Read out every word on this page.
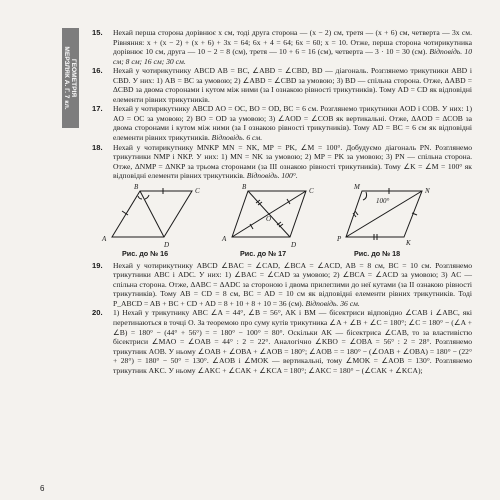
ГЕОМЕТРІЯ
МЕРЗЛЯК А. Г. 7 кл.
15. Нехай перша сторона дорівнює x см, тоді друга сторона — (x − 2) см, третя — (x + 6) см, четверта — 3x см. Рівняння: x + (x − 2) + (x + 6) + 3x = 64; 6x + 4 = 64; 6x = 60; x = 10. Отже, перша сторона чотирикутника дорівнює 10 см, друга — 10 − 2 = 8 (см), третя — 10 + 6 = 16 (см), четверта — 3 · 10 = 30 (см). Відповідь. 10 см; 8 см; 16 см; 30 см.
16. Нехай у чотирикутнику ABCD AB = BC, ∠ABD = ∠CBD, BD — діагональ. Розглянемо трикутники ABD і CBD. У них: 1) AB = BC за умовою; 2) ∠ABD = ∠CBD за умовою; 3) BD — спільна сторона. Отже, ΔABD = ΔCBD за двома сторонами і кутом між ними (за І ознакою рівності трикутників). Тому AD = CD як відповідні елементи рівних трикутників.
17. Нехай у чотирикутнику ABCD AO = OC, BO = OD, BC = 6 см. Розглянемо трикутники AOD і COB. У них: 1) AO = OC за умовою; 2) BO = OD за умовою; 3) ∠AOD = ∠COB як вертикальні. Отже, ΔAOD = ΔCOB за двома сторонами і кутом між ними (за І ознакою рівності трикутників). Тому AD = BC = 6 см як відповідні елементи рівних трикутників. Відповідь. 6 см.
18. Нехай у чотирикутнику MNKP MN = NK, MP = PK, ∠M = 100°. Добудуємо діагональ PN. Розглянемо трикутники NMP і NKP. У них: 1) MN = NK за умовою; 2) MP = PK за умовою; 3) PN — спільна сторона. Отже, ΔNMP = ΔNKP за трьома сторонами (за ІІІ ознакою рівності трикутників). Тому ∠K = ∠M = 100° як відповідні елементи рівних трикутників. Відповідь. 100°.
A
B	C
D
A
B	C
D
O
M	N
K
P
100°
Рис. до № 16	Рис. до № 17	Рис. до № 18
19. Нехай у чотирикутнику ABCD ∠BAC = ∠CAD, ∠BCA = ∠ACD, AB = 8 см, BC = 10 см. Розглянемо трикутники ABC і ADC. У них: 1) ∠BAC = ∠CAD за умовою; 2) ∠BCA = ∠ACD за умовою; 3) AC — спільна сторона. Отже, ΔABC = ΔADC за стороною і двома прилеглими до неї кутами (за ІІ ознакою рівності трикутників). Тому AB = CD = 8 см, BC = AD = 10 см як відповідні елементи рівних трикутників. Тоді P_ABCD = AB + BC + CD + AD = 8 + 10 + 8 + 10 = 36 (см). Відповідь. 36 см.
20. 1) Нехай у трикутнику ABC ∠A = 44°, ∠B = 56°, AK і BM — бісектриси відповідно ∠CAB і ∠ABC, які перетинаються в точці O. За теоремою про суму кутів трикутника ∠A + ∠B + ∠C = 180°; ∠C = 180° − (∠A + ∠B) = 180° − (44° + 56°) = = 180° − 100° = 80°. Оскільки AK — бісектриса ∠CAB, то за властивістю бісектриси ∠MAO = ∠OAB = 44° : 2 = 22°. Аналогічно ∠KBO = ∠OBA = 56° : 2 = 28°. Розглянемо трикутник AOB. У ньому ∠OAB + ∠OBA + ∠AOB = 180°; ∠AOB = = 180° − (∠OAB + ∠OBA) = 180° − (22° + 28°) = 180° − 50° = 130°. ∠AOB і ∠MOK — вертикальні, тому ∠MOK = ∠AOB = 130°. Розглянемо трикутник AKC. У ньому ∠AKC + ∠CAK + ∠KCA = 180°; ∠AKC = 180° − (∠CAK + ∠KCA);
6
